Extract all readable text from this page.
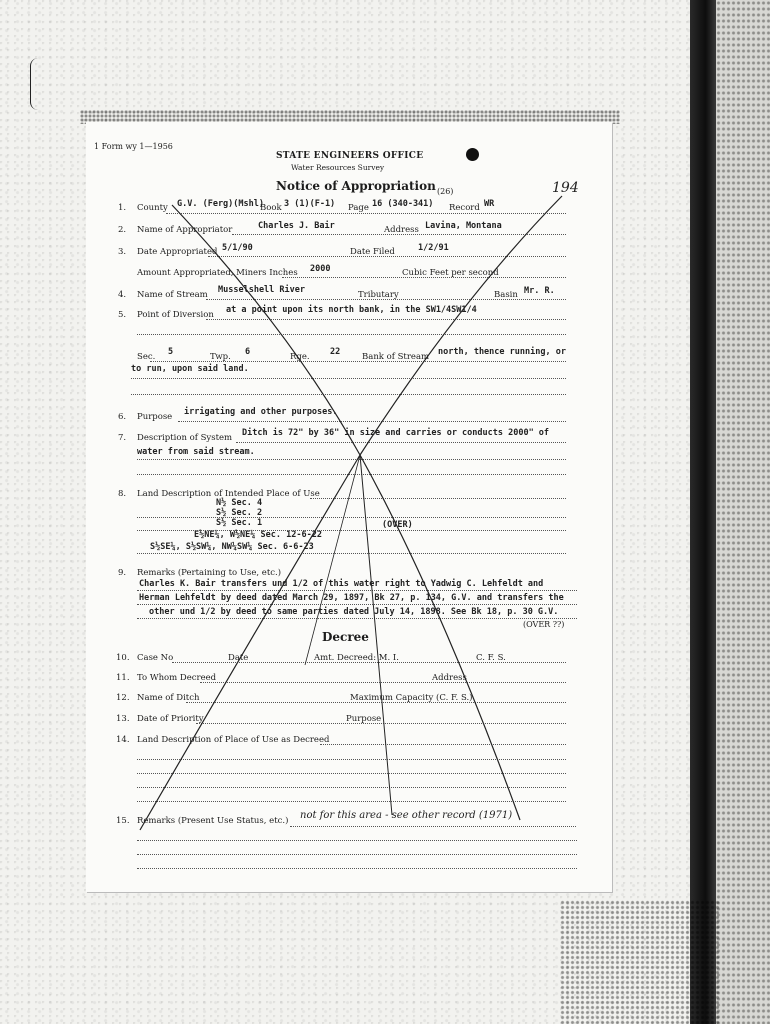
1 Form wy 1—1956
STATE ENGINEERS OFFICE
Water Resources Survey
Notice of Appropriation (26)	194
1. County G.V. (Ferg)(Mshl)
Book 3 (1)(F-1) Page 16 (340-341) Record WR
2. Name of Appropriator	Charles J. Bair	Address Lavina, Montana
3. Date Appropriated 5/1/90	Date Filed	1/2/91
Amount Appropriated, Miners Inches 2000	Cubic Feet per second
4. Name of Stream Musselshell River	Tributary	Basin Mr. R.
5. Point of Diversion at a point upon its north bank, in the SW1/4SW1/4
Sec. 5	Twp. 6	Rge. 22	Bank of Stream north, thence running, or
to run, upon said land.
6. Purpose irrigating and other purposes.
7. Description of System Ditch is 72" by 36" in size and carries or conducts 2000" of
water from said stream.
8. Land Description of Intended Place of Use
N½ Sec. 4
S½ Sec. 2
S½ Sec. 1
E½NE¼, W½NE¼ Sec. 12-6-22
S½SE¼, S½SW¼, NW¼SW¼ Sec. 6-6-23
(OVER)
9. Remarks (Pertaining to Use, etc.)
Charles K. Bair transfers und 1/2 of this water right to Yadwig C. Lehfeldt and
Herman Lehfeldt by deed dated March 29, 1897, Bk 27, p. 134, G.V. and transfers the
other und 1/2 by deed to same parties dated July 14, 1898. See Bk 18, p. 30 G.V.
(OVER ??)
Decree
10. Case No	Date	Amt. Decreed: M. I.	C. F. S.
11. To Whom Decreed	Address
12. Name of Ditch	Maximum Capacity (C. F. S.)
13. Date of Priority	Purpose
14. Land Description of Place of Use as Decreed
15. Remarks (Present Use Status, etc.) not for this area - see other record (1971)
